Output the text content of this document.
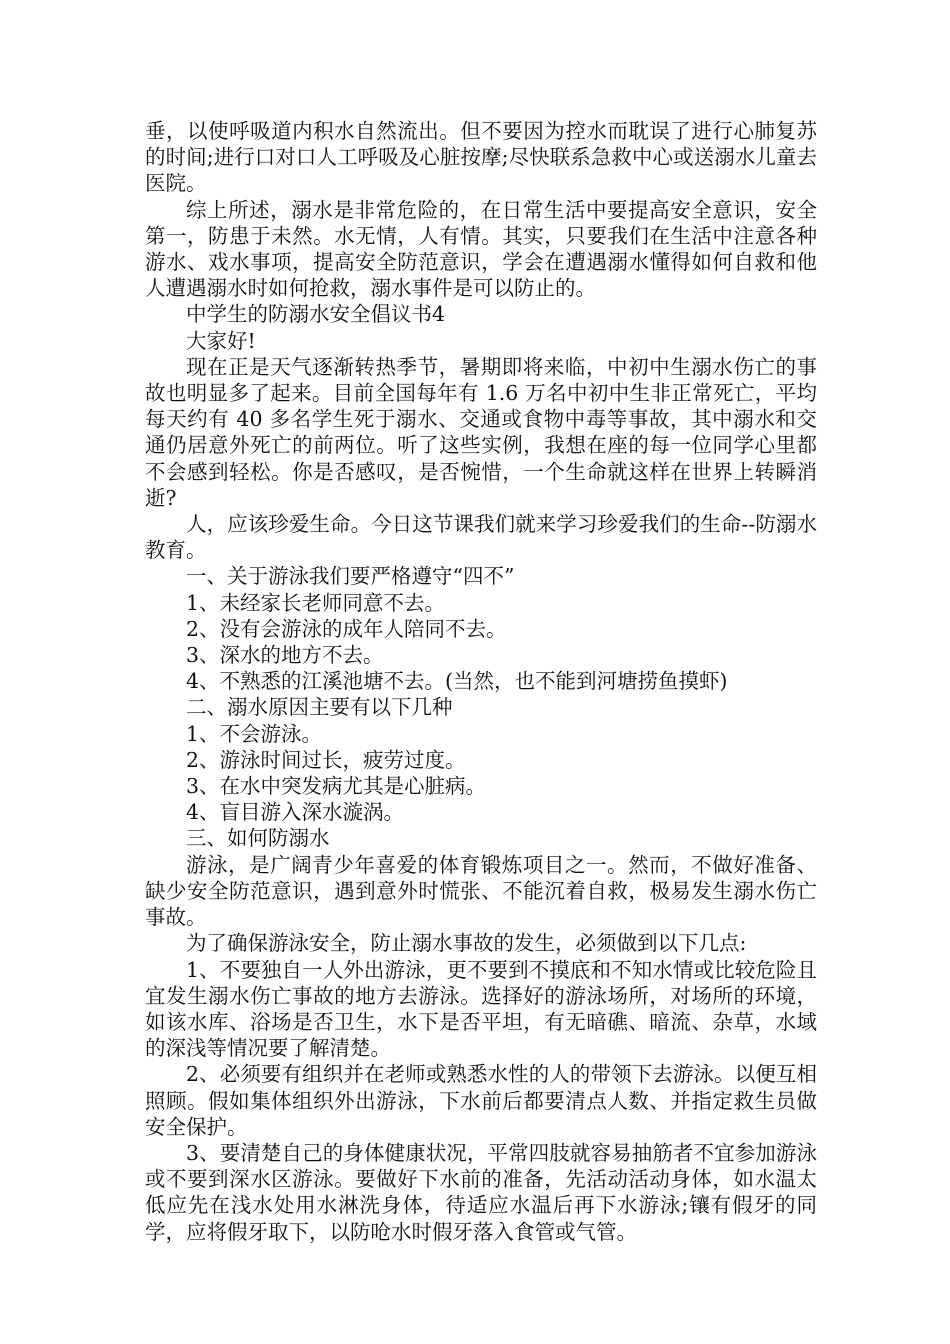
垂，以使呼吸道内积水自然流出。但不要因为控水而耽误了进行心肺复苏的时间;进行口对口人工呼吸及心脏按摩;尽快联系急救中心或送溺水儿童去医院。

综上所述，溺水是非常危险的，在日常生活中要提高安全意识，安全第一，防患于未然。水无情，人有情。其实，只要我们在生活中注意各种游水、戏水事项，提高安全防范意识，学会在遭遇溺水懂得如何自救和他人遭遇溺水时如何抢救，溺水事件是可以防止的。

中学生的防溺水安全倡议书4

大家好!

现在正是天气逐渐转热季节，暑期即将来临，中初中生溺水伤亡的事故也明显多了起来。目前全国每年有 1.6 万名中初中生非正常死亡，平均每天约有 40 多名学生死于溺水、交通或食物中毒等事故，其中溺水和交通仍居意外死亡的前两位。听了这些实例，我想在座的每一位同学心里都不会感到轻松。你是否感叹，是否惋惜，一个生命就这样在世界上转瞬消逝?

人，应该珍爱生命。今日这节课我们就来学习珍爱我们的生命--防溺水教育。

一、关于游泳我们要严格遵守“四不”

1、未经家长老师同意不去。

2、没有会游泳的成年人陪同不去。

3、深水的地方不去。

4、不熟悉的江溪池塘不去。(当然，也不能到河塘捞鱼摸虾)

二、溺水原因主要有以下几种

1、不会游泳。

2、游泳时间过长，疲劳过度。

3、在水中突发病尤其是心脏病。

4、盲目游入深水漩涡。

三、如何防溺水

游泳，是广阔青少年喜爱的体育锻炼项目之一。然而，不做好准备、缺少安全防范意识，遇到意外时慌张、不能沉着自救，极易发生溺水伤亡事故。

为了确保游泳安全，防止溺水事故的发生，必须做到以下几点:

1、不要独自一人外出游泳，更不要到不摸底和不知水情或比较危险且宜发生溺水伤亡事故的地方去游泳。选择好的游泳场所，对场所的环境，如该水库、浴场是否卫生，水下是否平坦，有无暗礁、暗流、杂草，水域的深浅等情况要了解清楚。

2、必须要有组织并在老师或熟悉水性的人的带领下去游泳。以便互相照顾。假如集体组织外出游泳，下水前后都要清点人数、并指定救生员做安全保护。

3、要清楚自己的身体健康状况，平常四肢就容易抽筋者不宜参加游泳或不要到深水区游泳。要做好下水前的准备，先活动活动身体，如水温太低应先在浅水处用水淋洗身体，待适应水温后再下水游泳;镶有假牙的同学，应将假牙取下，以防呛水时假牙落入食管或气管。
